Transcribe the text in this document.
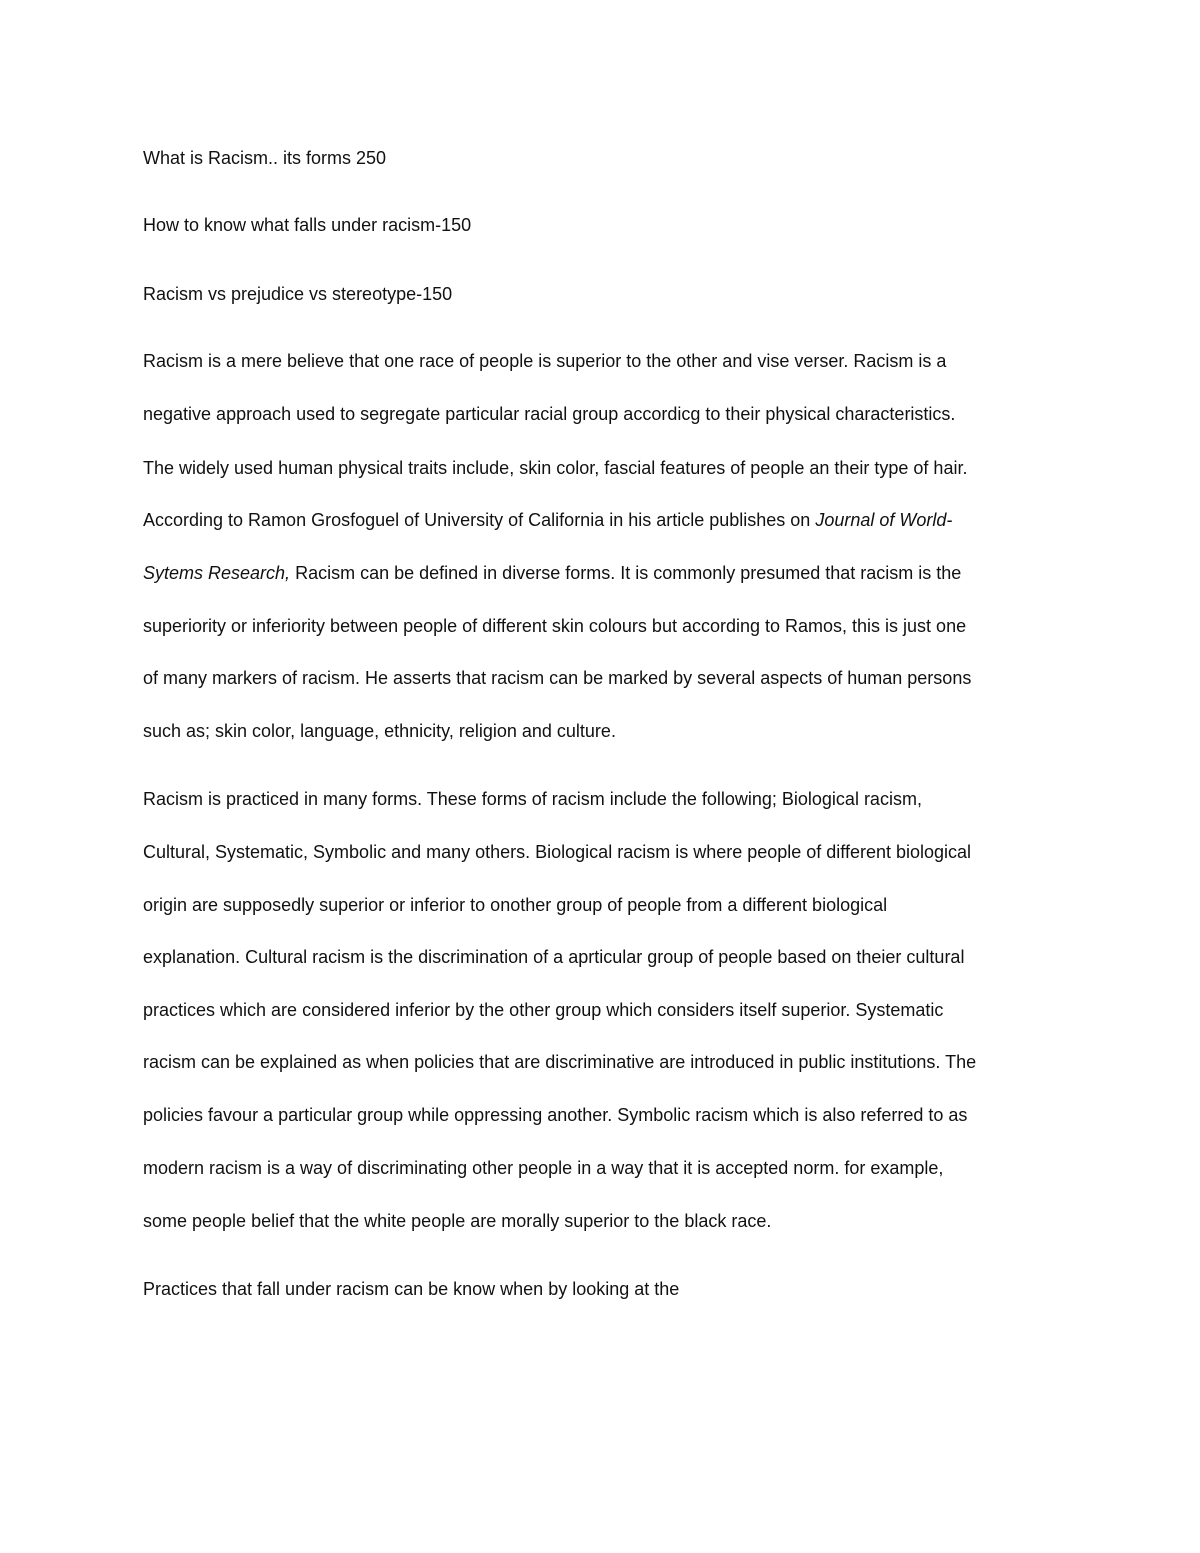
What is Racism.. its forms 250
How to know what falls under racism-150
Racism vs prejudice vs stereotype-150
Racism is a mere believe that one race of people is superior to the other and vise verser. Racism is a
negative approach used to segregate particular racial group accordicg to their physical characteristics.
The widely used human physical traits include, skin color, fascial features of people an their type of hair.
According to Ramon Grosfoguel of University of California in his article publishes on Journal of World-
Sytems Research, Racism can be defined in diverse forms. It is commonly presumed that racism is the
superiority or inferiority between people of different skin colours but according to Ramos, this is just one
of many markers of racism. He asserts that racism can be marked by several aspects of human persons
such as; skin color, language, ethnicity, religion and culture.
Racism is practiced in many forms. These forms of racism include the following; Biological racism,
Cultural, Systematic, Symbolic and many others. Biological racism is where people of different biological
origin are supposedly superior or inferior to onother group of people from a different biological
explanation. Cultural racism is the discrimination of a aprticular group of people based on theier cultural
practices which are considered inferior by the other group which considers itself superior. Systematic
racism can be explained as when policies that are discriminative are introduced in public institutions. The
policies favour a particular group while oppressing another. Symbolic racism which is also referred to as
modern racism is a way of discriminating other people in a way that it is accepted norm. for example,
some people belief that the white people are morally superior to the black race.
Practices that fall under racism can be know when by looking at the
